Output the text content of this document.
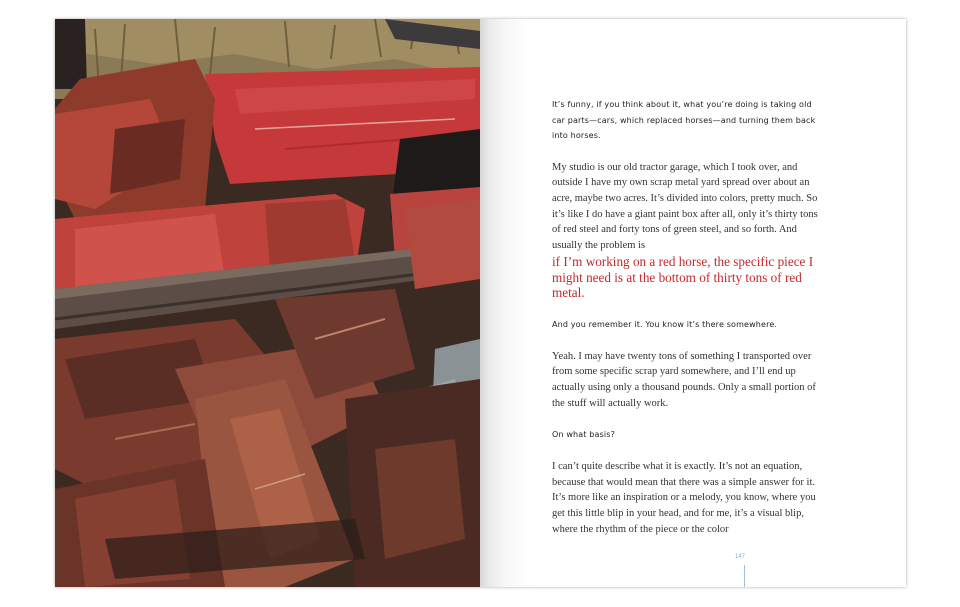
It’s funny, if you think about it, what you’re doing is taking old car parts—cars, which replaced horses—and turning them back into horses.

My studio is our old tractor garage, which I took over, and outside I have my own scrap metal yard spread over about an acre, maybe two acres. It’s divided into colors, pretty much. So it’s like I do have a giant paint box after all, only it’s thirty tons of red steel and forty tons of green steel, and so forth. And usually the problem is
if I’m working on a red horse, the specific piece I might need is at the bottom of thirty tons of red metal.

And you remember it. You know it’s there somewhere.

Yeah. I may have twenty tons of something I transported over from some specific scrap yard somewhere, and I’ll end up actually using only a thousand pounds. Only a small portion of the stuff will actually work.

On what basis?

I can’t quite describe what it is exactly. It’s not an equation, because that would mean that there was a simple answer for it. It’s more like an inspiration or a melody, you know, where you get this little blip in your head, and for me, it’s a visual blip, where the rhythm of the piece or the color

147
